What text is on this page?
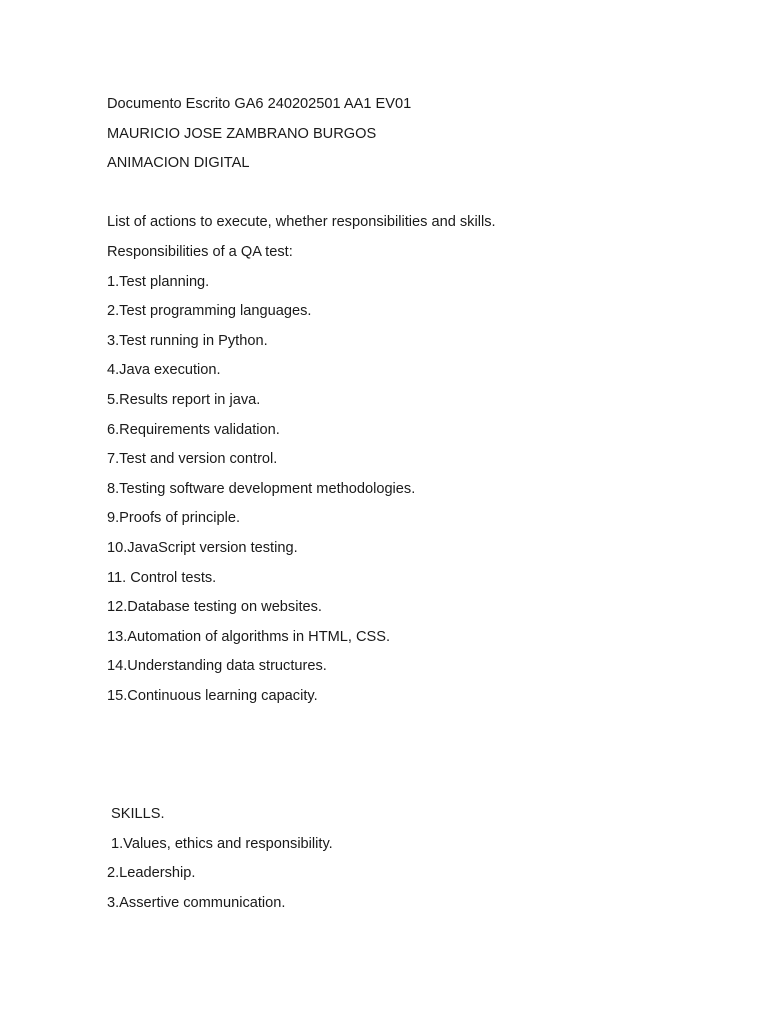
Documento Escrito GA6 240202501 AA1 EV01

MAURICIO JOSE ZAMBRANO BURGOS

ANIMACION DIGITAL

List of actions to execute, whether responsibilities and skills.

Responsibilities of a QA test:

1.Test planning.

2.Test programming languages.

3.Test running in Python.

4.Java execution.

5.Results report in java.

6.Requirements validation.

7.Test and version control.

8.Testing software development methodologies.

9.Proofs of principle.

10.JavaScript version testing.

11. Control tests.

12.Database testing on websites.

13.Automation of algorithms in HTML, CSS.

14.Understanding data structures.

15.Continuous learning capacity.

SKILLS.

1.Values, ethics and responsibility.

2.Leadership.

3.Assertive communication.
